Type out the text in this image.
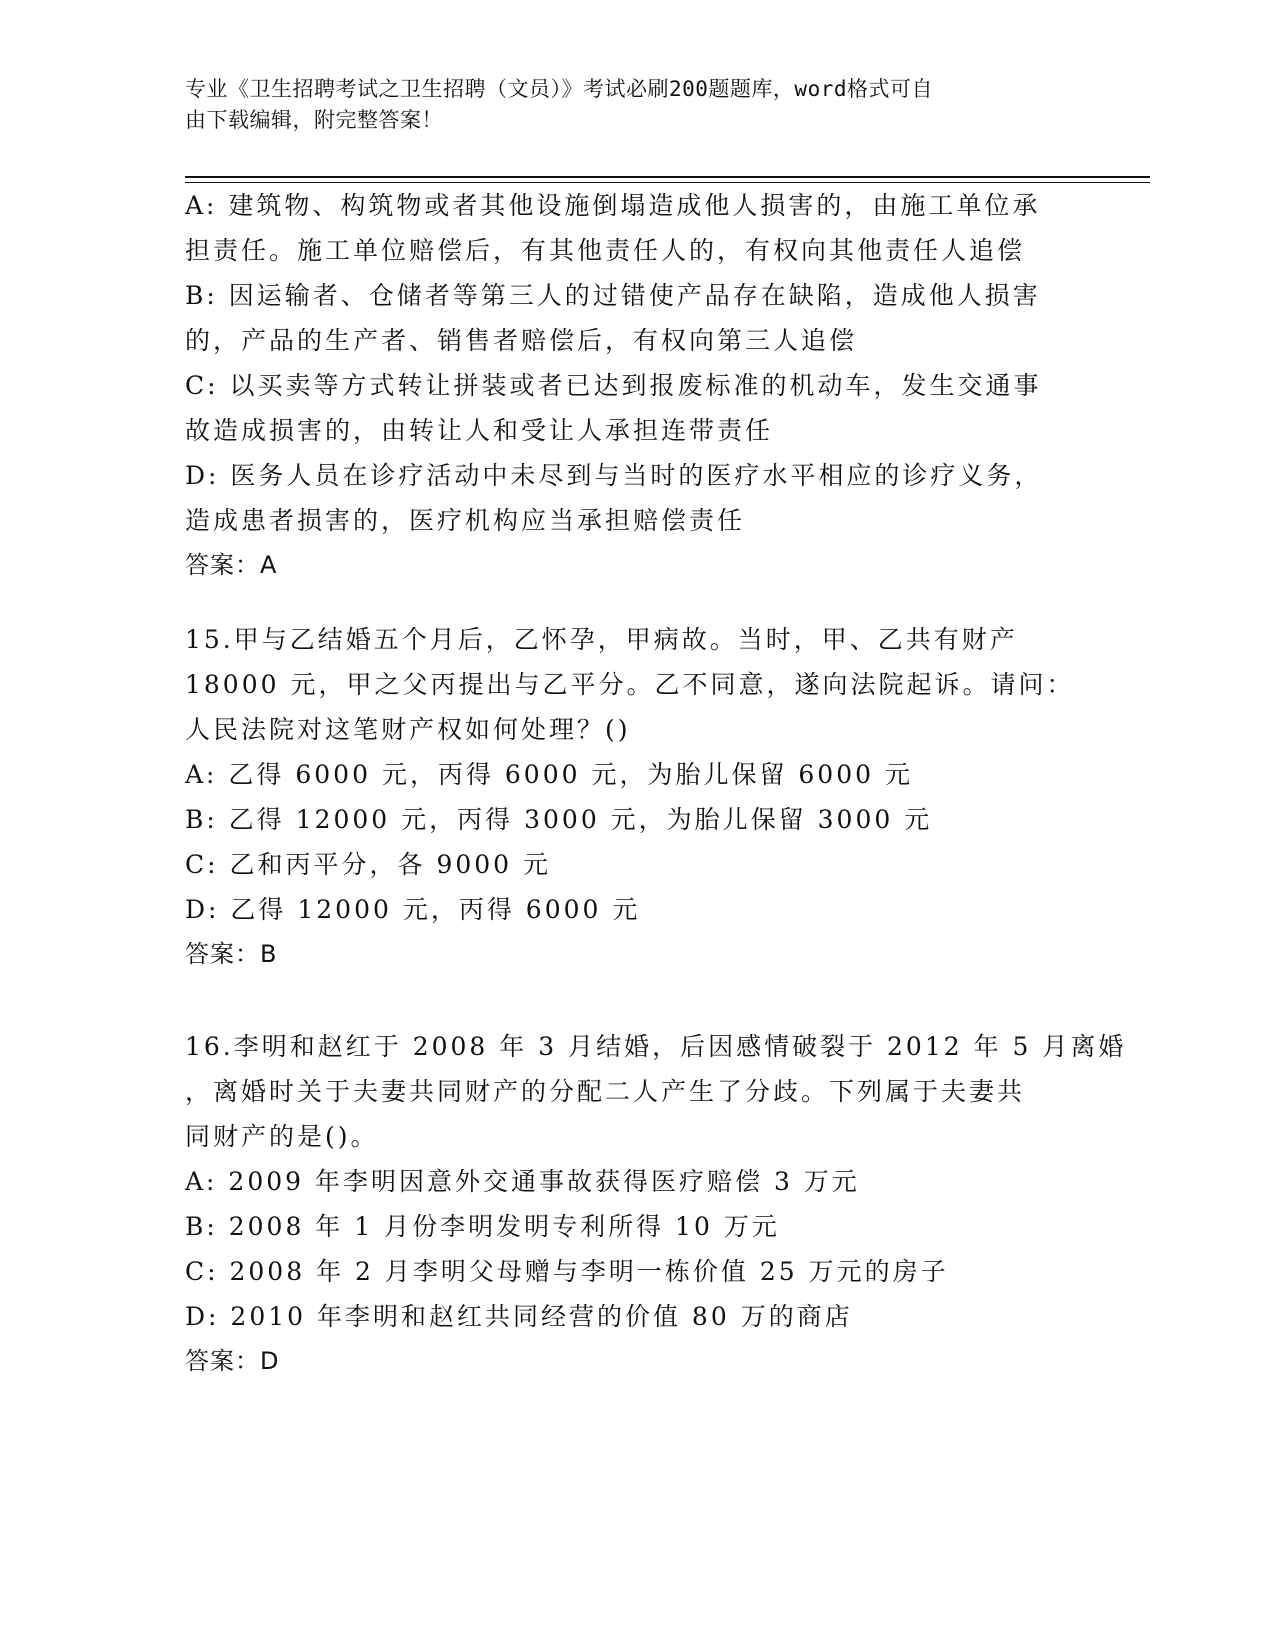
专业《卫生招聘考试之卫生招聘（文员）》考试必刷200题题库，word格式可自
由下载编辑，附完整答案！
A: 建筑物、构筑物或者其他设施倒塌造成他人损害的，由施工单位承
担责任。施工单位赔偿后，有其他责任人的，有权向其他责任人追偿
B: 因运输者、仓储者等第三人的过错使产品存在缺陷，造成他人损害
的，产品的生产者、销售者赔偿后，有权向第三人追偿
C: 以买卖等方式转让拼装或者已达到报废标准的机动车，发生交通事
故造成损害的，由转让人和受让人承担连带责任
D: 医务人员在诊疗活动中未尽到与当时的医疗水平相应的诊疗义务，
造成患者损害的，医疗机构应当承担赔偿责任
答案：A
15.甲与乙结婚五个月后，乙怀孕，甲病故。当时，甲、乙共有财产
18000 元，甲之父丙提出与乙平分。乙不同意，遂向法院起诉。请问：
人民法院对这笔财产权如何处理？()
A: 乙得 6000 元，丙得 6000 元，为胎儿保留 6000 元
B: 乙得 12000 元，丙得 3000 元，为胎儿保留 3000 元
C: 乙和丙平分，各 9000 元
D: 乙得 12000 元，丙得 6000 元
答案：B
16.李明和赵红于 2008 年 3 月结婚，后因感情破裂于 2012 年 5 月离婚
，离婚时关于夫妻共同财产的分配二人产生了分歧。下列属于夫妻共
同财产的是()。
A: 2009 年李明因意外交通事故获得医疗赔偿 3 万元
B: 2008 年 1 月份李明发明专利所得 10 万元
C: 2008 年 2 月李明父母赠与李明一栋价值 25 万元的房子
D: 2010 年李明和赵红共同经营的价值 80 万的商店
答案：D
